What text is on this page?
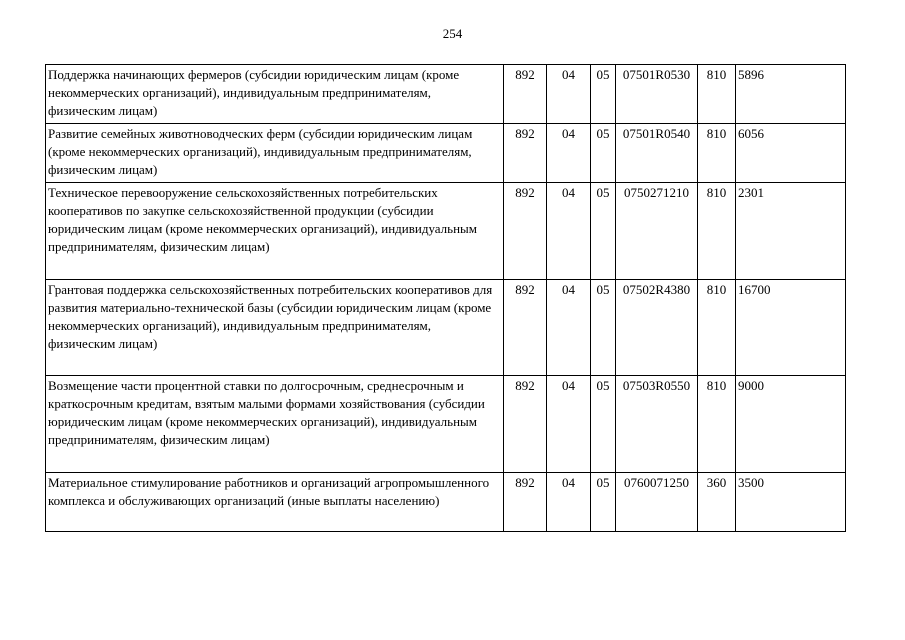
254
Поддержка начинающих фермеров (субсидии юридическим лицам (кроме некоммерческих организаций), индивидуальным предпринимателям, физическим лицам)	892	04	05	07501R0530	810	5896
Развитие семейных животноводческих ферм (субсидии юридическим лицам (кроме некоммерческих организаций), индивидуальным предпринимателям, физическим лицам)	892	04	05	07501R0540	810	6056
Техническое перевооружение сельскохозяйственных потребительских кооперативов по закупке сельскохозяйственной продукции (субсидии юридическим лицам (кроме некоммерческих организаций), индивидуальным предпринимателям, физическим лицам)	892	04	05	0750271210	810	2301
Грантовая поддержка сельскохозяйственных потребительских кооперативов для развития материально-технической базы (субсидии юридическим лицам (кроме некоммерческих организаций), индивидуальным предпринимателям, физическим лицам)	892	04	05	07502R4380	810	16700
Возмещение части процентной ставки по долгосрочным, среднесрочным и краткосрочным кредитам, взятым малыми формами хозяйствования (субсидии юридическим лицам (кроме некоммерческих организаций), индивидуальным предпринимателям, физическим лицам)	892	04	05	07503R0550	810	9000
Материальное стимулирование работников и организаций агропромышленного комплекса и обслуживающих организаций (иные выплаты населению)	892	04	05	0760071250	360	3500
